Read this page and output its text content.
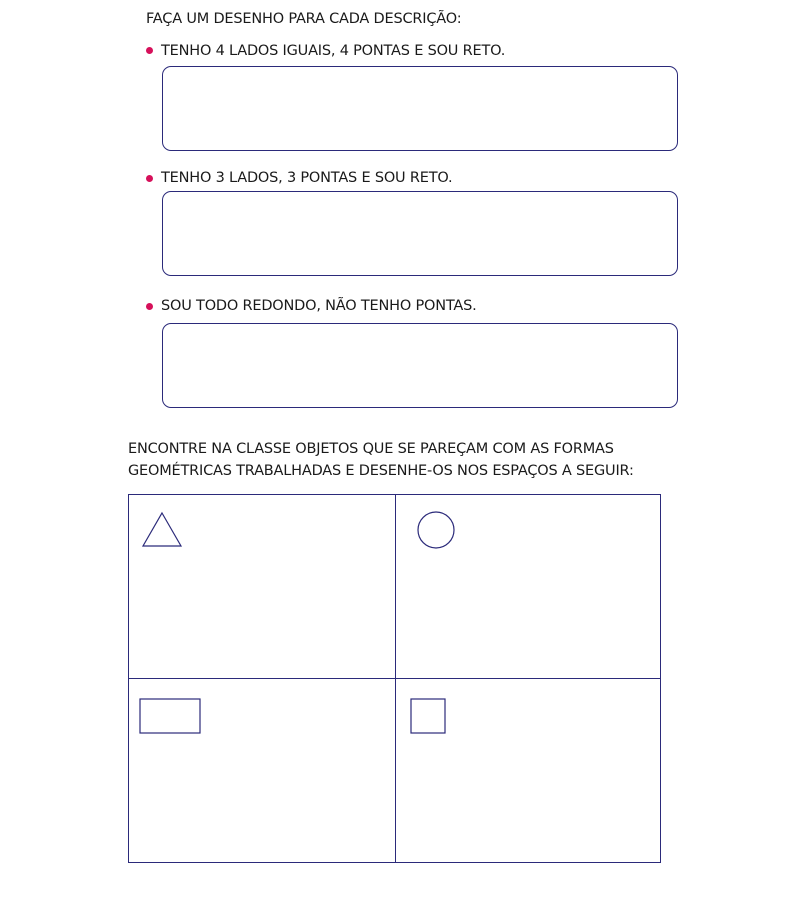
FAÇA UM DESENHO PARA CADA DESCRIÇÃO:
TENHO 4 LADOS IGUAIS, 4 PONTAS E SOU RETO.
TENHO 3 LADOS, 3 PONTAS E SOU RETO.
SOU TODO REDONDO, NÃO TENHO PONTAS.
ENCONTRE NA CLASSE OBJETOS QUE SE PAREÇAM COM AS FORMAS
GEOMÉTRICAS TRABALHADAS E DESENHE-OS NOS ESPAÇOS A SEGUIR:
